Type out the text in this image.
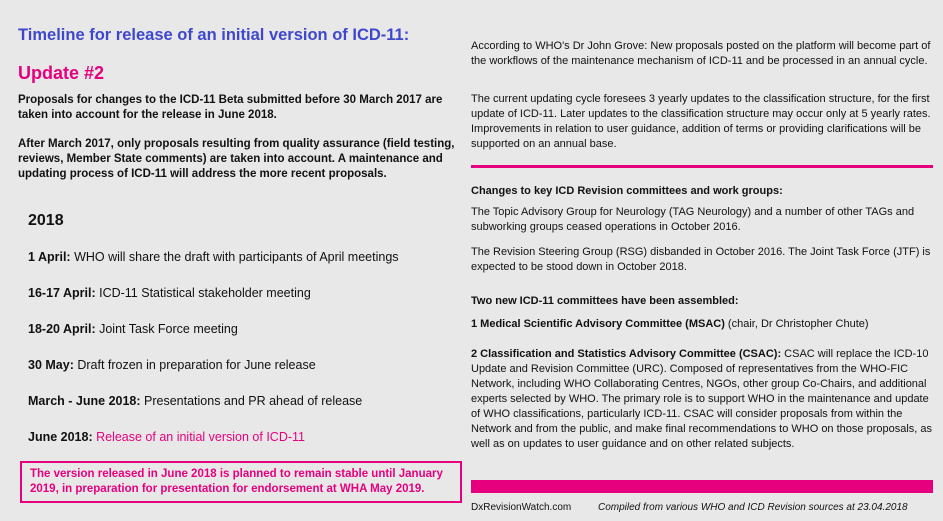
Timeline for release of an initial version of ICD-11:
Update #2
Proposals for changes to the ICD-11 Beta submitted before 30 March 2017 are taken into account for the release in June 2018.
After March 2017, only proposals resulting from quality assurance (field testing, reviews, Member State comments) are taken into account. A maintenance and updating process of ICD-11 will address the more recent proposals.
2018
1 April: WHO will share the draft with participants of April meetings
16-17 April: ICD-11 Statistical stakeholder meeting
18-20 April: Joint Task Force meeting
30 May: Draft frozen in preparation for June release
March - June 2018: Presentations and PR ahead of release
June 2018: Release of an initial version of ICD-11
The version released in June 2018 is planned to remain stable until January 2019, in preparation for presentation for endorsement at WHA May 2019.
According to WHO's Dr John Grove: New proposals posted on the platform will become part of the workflows of the maintenance mechanism of ICD-11 and be processed in an annual cycle.
The current updating cycle foresees 3 yearly updates to the classification structure, for the first update of ICD-11. Later updates to the classification structure may occur only at 5 yearly rates. Improvements in relation to user guidance, addition of terms or providing clarifications will be supported on an annual base.
Changes to key ICD Revision committees and work groups:
The Topic Advisory Group for Neurology (TAG Neurology) and a number of other TAGs and subworking groups ceased operations in October 2016.
The Revision Steering Group (RSG) disbanded in October 2016. The Joint Task Force (JTF) is expected to be stood down in October 2018.
Two new ICD-11 committees have been assembled:
1 Medical Scientific Advisory Committee (MSAC) (chair, Dr Christopher Chute)
2 Classification and Statistics Advisory Committee (CSAC): CSAC will replace the ICD-10 Update and Revision Committee (URC). Composed of representatives from the WHO-FIC Network, including WHO Collaborating Centres, NGOs, other group Co-Chairs, and additional experts selected by WHO. The primary role is to support WHO in the maintenance and update of WHO classifications, particularly ICD-11. CSAC will consider proposals from within the Network and from the public, and make final recommendations to WHO on those proposals, as well as on updates to user guidance and on other related subjects.
DxRevisionWatch.com	Compiled from various WHO and ICD Revision sources at 23.04.2018
